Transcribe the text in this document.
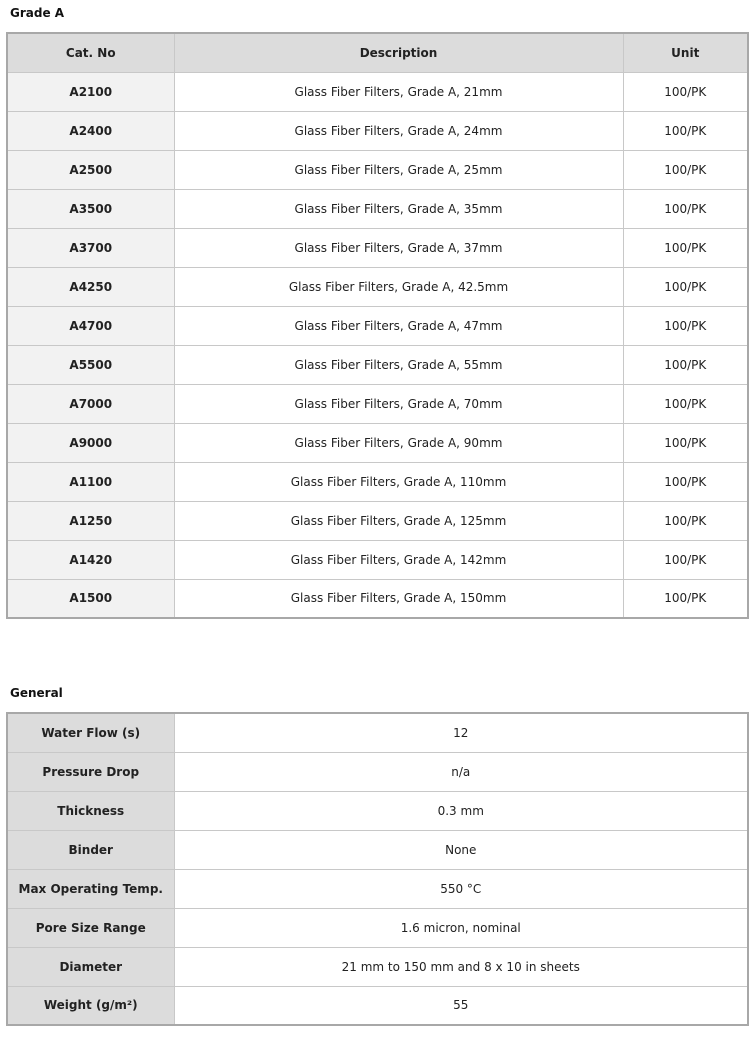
Grade A
Cat. No	Description	Unit
A2100	Glass Fiber Filters, Grade A, 21mm	100/PK
A2400	Glass Fiber Filters, Grade A, 24mm	100/PK
A2500	Glass Fiber Filters, Grade A, 25mm	100/PK
A3500	Glass Fiber Filters, Grade A, 35mm	100/PK
A3700	Glass Fiber Filters, Grade A, 37mm	100/PK
A4250	Glass Fiber Filters, Grade A, 42.5mm	100/PK
A4700	Glass Fiber Filters, Grade A, 47mm	100/PK
A5500	Glass Fiber Filters, Grade A, 55mm	100/PK
A7000	Glass Fiber Filters, Grade A, 70mm	100/PK
A9000	Glass Fiber Filters, Grade A, 90mm	100/PK
A1100	Glass Fiber Filters, Grade A, 110mm	100/PK
A1250	Glass Fiber Filters, Grade A, 125mm	100/PK
A1420	Glass Fiber Filters, Grade A, 142mm	100/PK
A1500	Glass Fiber Filters, Grade A, 150mm	100/PK
General
Water Flow (s)	12
Pressure Drop	n/a
Thickness	0.3 mm
Binder	None
Max Operating Temp.	550 °C
Pore Size Range	1.6 micron, nominal
Diameter	21 mm to 150 mm and 8 x 10 in sheets
Weight (g/m²)	55
